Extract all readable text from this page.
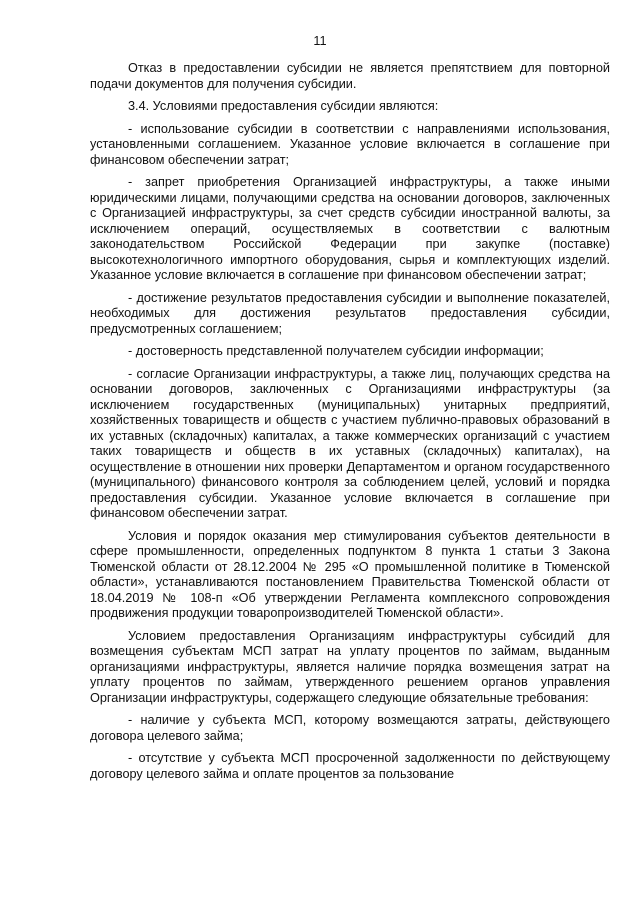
11

Отказ в предоставлении субсидии не является препятствием для повторной подачи документов для получения субсидии.

3.4. Условиями предоставления субсидии являются:

- использование субсидии в соответствии с направлениями использования, установленными соглашением. Указанное условие включается в соглашение при финансовом обеспечении затрат;

- запрет приобретения Организацией инфраструктуры, а также иными юридическими лицами, получающими средства на основании договоров, заключенных с Организацией инфраструктуры, за счет средств субсидии иностранной валюты, за исключением операций, осуществляемых в соответствии с валютным законодательством Российской Федерации при закупке (поставке) высокотехнологичного импортного оборудования, сырья и комплектующих изделий. Указанное условие включается в соглашение при финансовом обеспечении затрат;

- достижение результатов предоставления субсидии и выполнение показателей, необходимых для достижения результатов предоставления субсидии, предусмотренных соглашением;

- достоверность представленной получателем субсидии информации;

- согласие Организации инфраструктуры, а также лиц, получающих средства на основании договоров, заключенных с Организациями инфраструктуры (за исключением государственных (муниципальных) унитарных предприятий, хозяйственных товариществ и обществ с участием публично-правовых образований в их уставных (складочных) капиталах, а также коммерческих организаций с участием таких товариществ и обществ в их уставных (складочных) капиталах), на осуществление в отношении них проверки Департаментом и органом государственного (муниципального) финансового контроля за соблюдением целей, условий и порядка предоставления субсидии. Указанное условие включается в соглашение при финансовом обеспечении затрат.

Условия и порядок оказания мер стимулирования субъектов деятельности в сфере промышленности, определенных подпунктом 8 пункта 1 статьи 3 Закона Тюменской области от 28.12.2004 № 295 «О промышленной политике в Тюменской области», устанавливаются постановлением Правительства Тюменской области от 18.04.2019 № 108-п «Об утверждении Регламента комплексного сопровождения продвижения продукции товаропроизводителей Тюменской области».

Условием предоставления Организациям инфраструктуры субсидий для возмещения субъектам МСП затрат на уплату процентов по займам, выданным организациями инфраструктуры, является наличие порядка возмещения затрат на уплату процентов по займам, утвержденного решением органов управления Организации инфраструктуры, содержащего следующие обязательные требования:

- наличие у субъекта МСП, которому возмещаются затраты, действующего договора целевого займа;

- отсутствие у субъекта МСП просроченной задолженности по действующему договору целевого займа и оплате процентов за пользование
